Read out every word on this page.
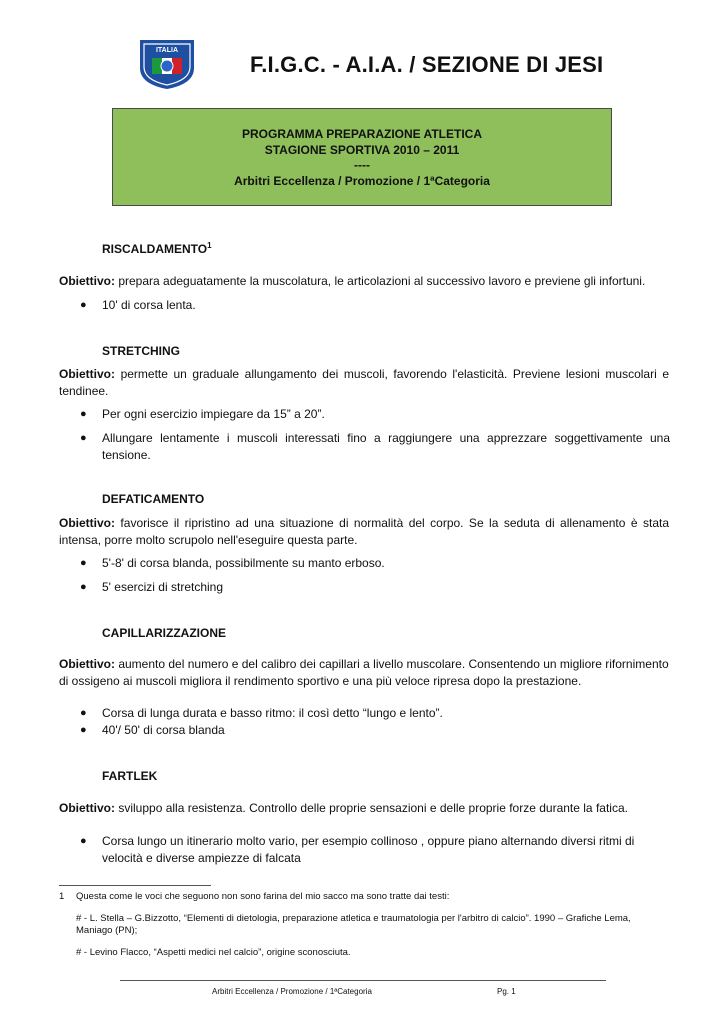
ITALIA
F.I.G.C. - A.I.A. / SEZIONE DI JESI
PROGRAMMA PREPARAZIONE ATLETICA
STAGIONE SPORTIVA 2010 – 2011
----
Arbitri Eccellenza / Promozione / 1ªCategoria
RISCALDAMENTO$^1$
Obiettivo: prepara adeguatamente la muscolatura, le articolazioni al successivo lavoro e previene gli infortuni.
● 10' di corsa lenta.
STRETCHING
Obiettivo: permette un graduale allungamento dei muscoli, favorendo l'elasticità. Previene lesioni muscolari e tendinee.
● Per ogni esercizio impiegare da 15” a 20”.
● Allungare lentamente i muscoli interessati fino a raggiungere una apprezzare soggettivamente una tensione.
DEFATICAMENTO
Obiettivo: favorisce il ripristino ad una situazione di normalità del corpo. Se la seduta di allenamento è stata intensa, porre molto scrupolo nell'eseguire questa parte.
● 5'-8' di corsa blanda, possibilmente su manto erboso.
● 5' esercizi di stretching
CAPILLARIZZAZIONE
Obiettivo: aumento del numero e del calibro dei capillari a livello muscolare. Consentendo un migliore rifornimento di ossigeno ai muscoli migliora il rendimento sportivo e una più veloce ripresa dopo la prestazione.
● Corsa di lunga durata e basso ritmo: il così detto “lungo e lento”.
● 40'/ 50' di corsa blanda
FARTLEK
Obiettivo: sviluppo alla resistenza. Controllo delle proprie sensazioni e delle proprie forze durante la fatica.
● Corsa lungo un itinerario molto vario, per esempio collinoso , oppure piano alternando diversi ritmi di velocità e diverse ampiezze di falcata
1 Questa come le voci che seguono non sono farina del mio sacco ma sono tratte dai testi:
# - L. Stella – G.Bizzotto, “Elementi di dietologia, preparazione atletica e traumatologia per l'arbitro di calcio”. 1990 – Grafiche Lema, Maniago (PN);
# - Levino Flacco, “Aspetti medici nel calcio”, origine sconosciuta.
Arbitri Eccellenza / Promozione / 1ªCategoria	Pg. 1
